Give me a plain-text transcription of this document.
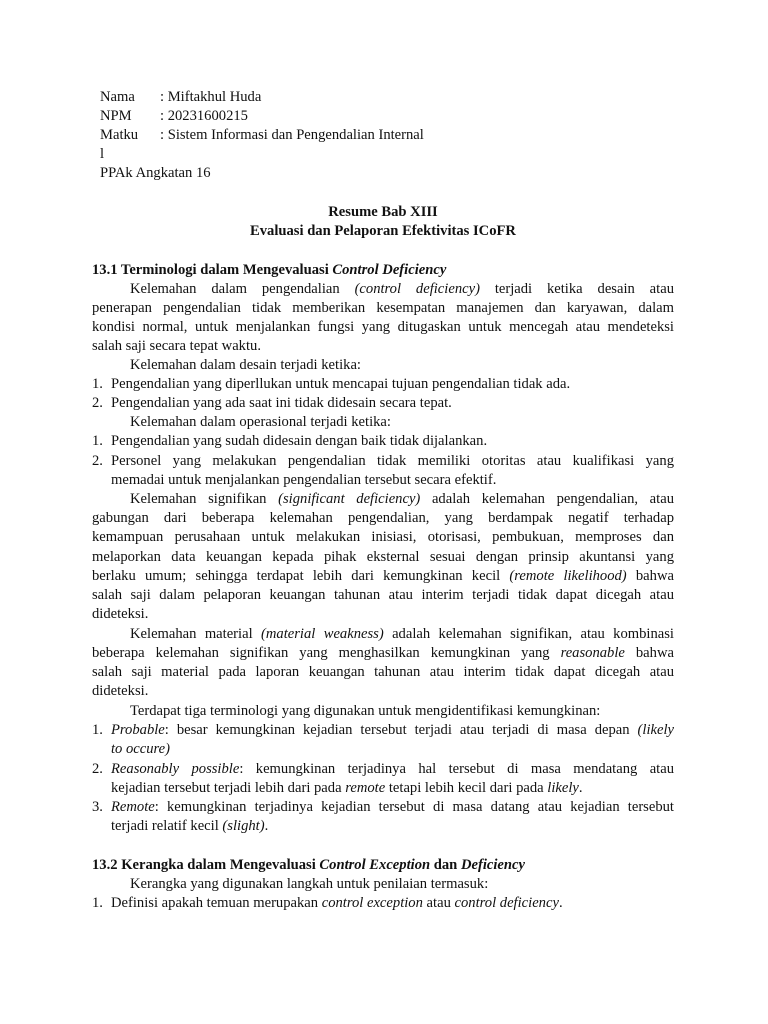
Nama : Miftakhul Huda
NPM : 20231600215
Matku : Sistem Informasi dan Pengendalian Internal
l
PPAk Angkatan 16
Resume Bab XIII
Evaluasi dan Pelaporan Efektivitas ICoFR
13.1 Terminologi dalam Mengevaluasi Control Deficiency
Kelemahan dalam pengendalian (control deficiency) terjadi ketika desain atau
penerapan pengendalian tidak memberikan kesempatan manajemen dan karyawan, dalam
kondisi normal, untuk menjalankan fungsi yang ditugaskan untuk mencegah atau mendeteksi
salah saji secara tepat waktu.
Kelemahan dalam desain terjadi ketika:
1. Pengendalian yang diperllukan untuk mencapai tujuan pengendalian tidak ada.
2. Pengendalian yang ada saat ini tidak didesain secara tepat.
Kelemahan dalam operasional terjadi ketika:
1. Pengendalian yang sudah didesain dengan baik tidak dijalankan.
2. Personel yang melakukan pengendalian tidak memiliki otoritas atau kualifikasi yang
memadai untuk menjalankan pengendalian tersebut secara efektif.
Kelemahan signifikan (significant deficiency) adalah kelemahan pengendalian, atau
gabungan dari beberapa kelemahan pengendalian, yang berdampak negatif terhadap
kemampuan perusahaan untuk melakukan inisiasi, otorisasi, pembukuan, memproses dan
melaporkan data keuangan kepada pihak eksternal sesuai dengan prinsip akuntansi yang
berlaku umum; sehingga terdapat lebih dari kemungkinan kecil (remote likelihood) bahwa
salah saji dalam pelaporan keuangan tahunan atau interim terjadi tidak dapat dicegah atau
dideteksi.
Kelemahan material (material weakness) adalah kelemahan signifikan, atau kombinasi
beberapa kelemahan signifikan yang menghasilkan kemungkinan yang reasonable bahwa
salah saji material pada laporan keuangan tahunan atau interim tidak dapat dicegah atau
dideteksi.
Terdapat tiga terminologi yang digunakan untuk mengidentifikasi kemungkinan:
1. Probable: besar kemungkinan kejadian tersebut terjadi atau terjadi di masa depan (likely
to occure)
2. Reasonably possible: kemungkinan terjadinya hal tersebut di masa mendatang atau
kejadian tersebut terjadi lebih dari pada remote tetapi lebih kecil dari pada likely.
3. Remote: kemungkinan terjadinya kejadian tersebut di masa datang atau kejadian tersebut
terjadi relatif kecil (slight).
13.2 Kerangka dalam Mengevaluasi Control Exception dan Deficiency
Kerangka yang digunakan langkah untuk penilaian termasuk:
1. Definisi apakah temuan merupakan control exception atau control deficiency.
